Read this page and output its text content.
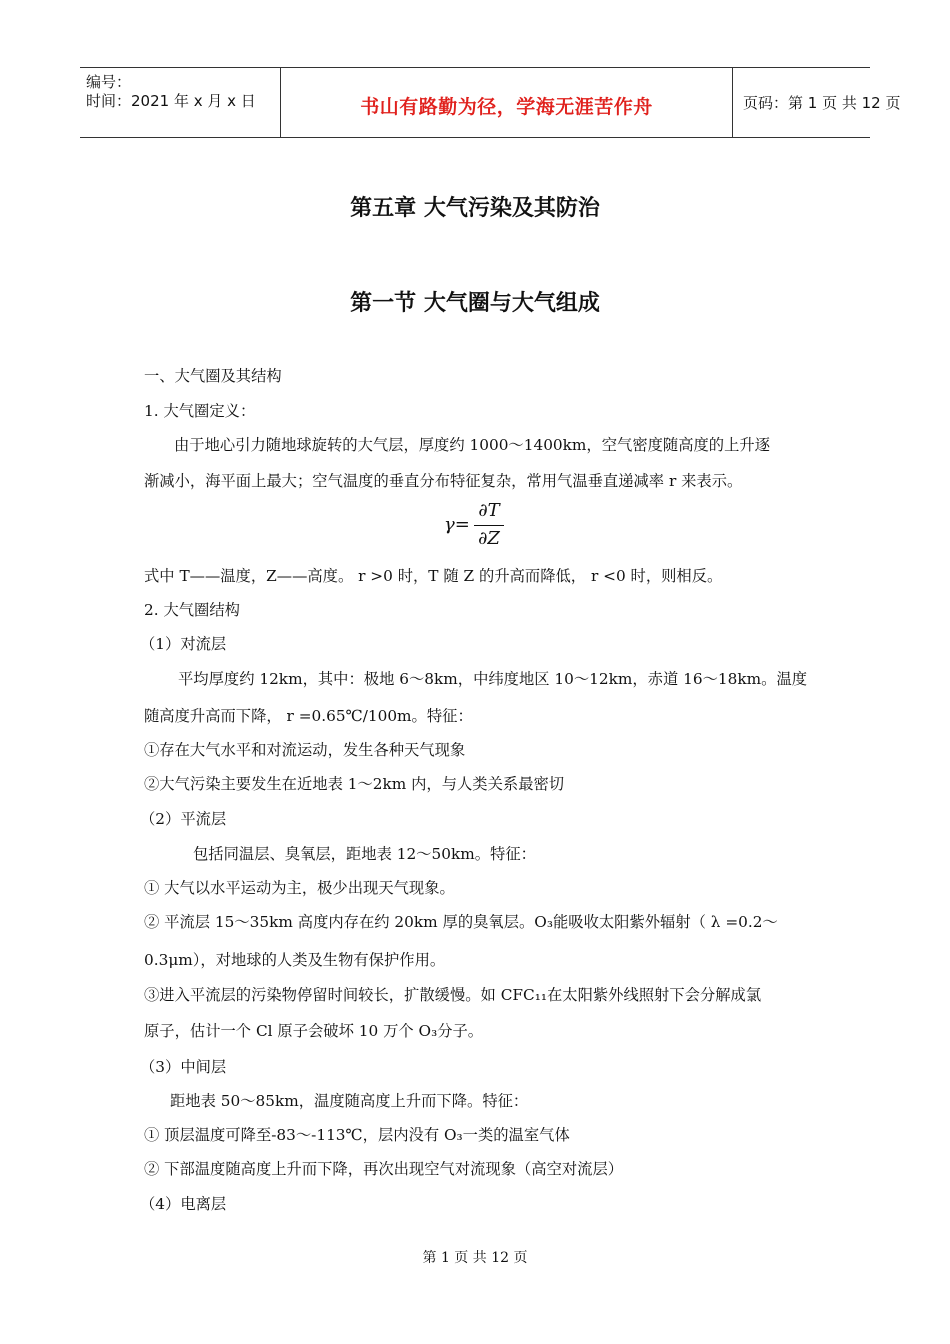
编号：
时间：2021 年 x 月 x 日	书山有路勤为径，学海无涯苦作舟	页码：第 1 页 共 12 页
第五章 大气污染及其防治
第一节 大气圈与大气组成
一、大气圈及其结构
1. 大气圈定义：
由于地心引力随地球旋转的大气层，厚度约 1000～1400km，空气密度随高度的上升逐
渐减小，海平面上最大；空气温度的垂直分布特征复杂，常用气温垂直递减率 r 来表示。
γ=
∂T
∂Z
式中 T——温度，Z——高度。 r >0 时，T 随 Z 的升高而降低， r <0 时，则相反。
2. 大气圈结构
（1）对流层
平均厚度约 12km，其中：极地 6～8km，中纬度地区 10～12km，赤道 16～18km。温度
随高度升高而下降， r =0.65℃/100m。特征：
①存在大气水平和对流运动，发生各种天气现象
②大气污染主要发生在近地表 1～2km 内，与人类关系最密切
（2）平流层
包括同温层、臭氧层，距地表 12～50km。特征：
① 大气以水平运动为主，极少出现天气现象。
② 平流层 15～35km 高度内存在约 20km 厚的臭氧层。O₃能吸收太阳紫外辐射（ λ =0.2～
0.3μm），对地球的人类及生物有保护作用。
③进入平流层的污染物停留时间较长，扩散缓慢。如 CFC₁₁在太阳紫外线照射下会分解成氯
原子，估计一个 Cl 原子会破坏 10 万个 O₃分子。
（3）中间层
距地表 50～85km，温度随高度上升而下降。特征：
① 顶层温度可降至-83～-113℃，层内没有 O₃一类的温室气体
② 下部温度随高度上升而下降，再次出现空气对流现象（高空对流层）
（4）电离层
第 1 页 共 12 页
